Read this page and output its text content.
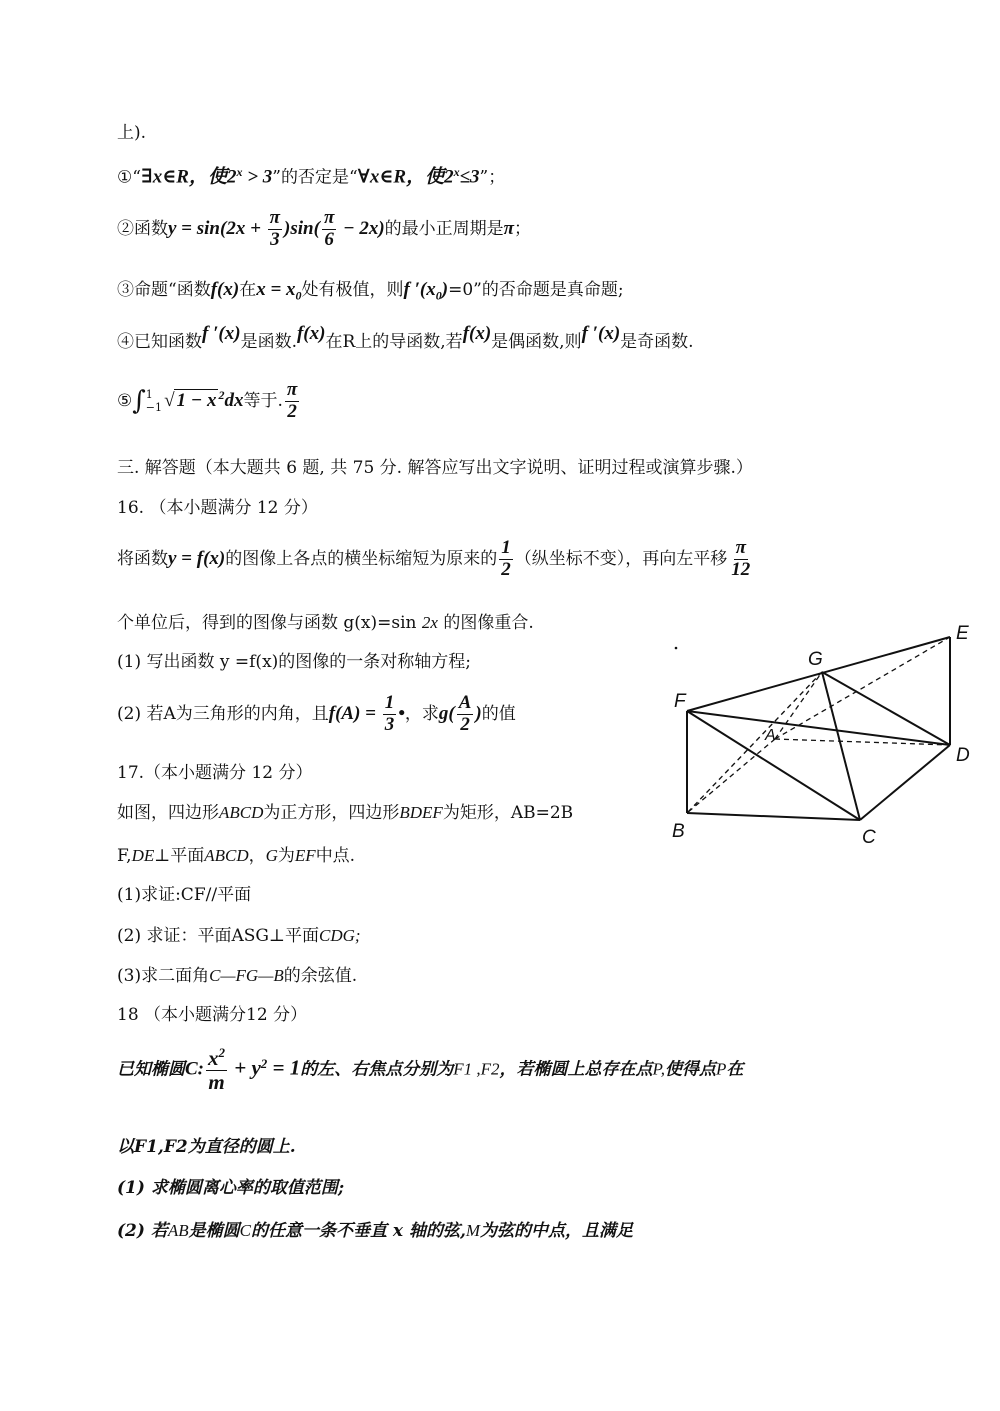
上).
①“∃x∈R，使$2^x > 3$”的否定是“∀x∈R，使$2^x\le 3$”；
②函数$y = \sin(2x + \frac{\pi}{3} )\sin( \frac{\pi}{6} - 2x)$的最小正周期是π；
③命题“函数f(x)在$x = x_0$处有极值，则f $'(x_0)=0$”的否命题是真命题;
④已知函数f ′(x)是函数.f(x)在R上的导函数,若f(x)是偶函数,则f ′(x)是奇函数.
⑤∫ 1
−1 √ 1 − x $^2$dx等于. $\frac{\pi}{2}$
三. 解答题（本大题共 6 题, 共 75 分. 解答应写出文字说明、证明过程或演算步骤.）
16. （本小题满分 12 分）
将函数y = f(x)的图像上各点的横坐标缩短为原来的 $\frac{1}{2}$ （纵坐标不变），再向左平移 $\frac{\pi}{12}$
个单位后，得到的图像与函数 g(x)=sin 2x 的图像重合.
(1) 写出函数 y =f(x)的图像的一条对称轴方程;
(2) 若A为三角形的内角，且$f(A) = \frac{1}{3}$ •，求$g( \frac{A}{2}$ )的值
17.（本小题满分 12 分）
如图，四边形ABCD为正方形，四边形BDEF为矩形，AB=2B
F,DE⊥平面ABCD，G为EF中点.
(1)求证:CF//平面
(2) 求证：平面ASG⊥平面CDG;
(3)求二面角C—FG—B的余弦值.
18 （本小题满分12 分）
已知椭圆C: $\frac{x^2}{m} + y^2 = 1$的左、右焦点分别为F1 ,F2，若椭圆上总存在点P,使得点P在
以F1,F2为直径的圆上.
(1) 求椭圆离心率的取值范围;
(2) 若AB是椭圆C的任意一条不垂直 x 轴的弦,M为弦的中点，且满足
E
G
F
A
D
B	C
